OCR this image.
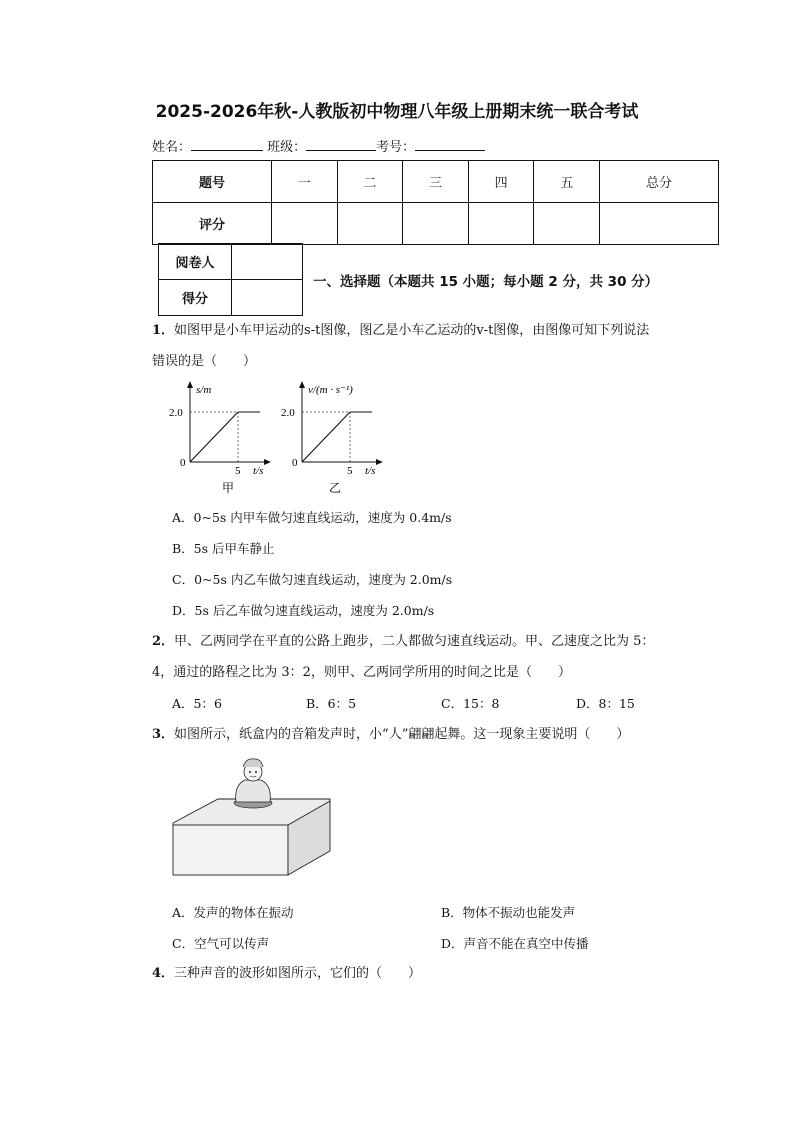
2025-2026年秋-人教版初中物理八年级上册期末统一联合考试
姓名：	班级：	考号：
题号	一	二	三	四	五	总分
评分						
阅卷人	
得分	
一、选择题（本题共 15 小题；每小题 2 分，共 30 分）
1．如图甲是小车甲运动的s-t图像，图乙是小车乙运动的v-t图像，由图像可知下列说法
错误的是（　　）
s/m
2.0
0
5 t/s
甲
v/(m · s⁻¹)
2.0
0
5 t/s
乙
A．0~5s 内甲车做匀速直线运动，速度为 0.4m/s
B．5s 后甲车静止
C．0~5s 内乙车做匀速直线运动，速度为 2.0m/s
D．5s 后乙车做匀速直线运动，速度为 2.0m/s
2．甲、乙两同学在平直的公路上跑步，二人都做匀速直线运动。甲、乙速度之比为 5：
4，通过的路程之比为 3：2，则甲、乙两同学所用的时间之比是（　　）
A．5：6	B．6：5	C．15：8	D．8：15
3．如图所示，纸盒内的音箱发声时，小“人”翩翩起舞。这一现象主要说明（　　）
A．发声的物体在振动	B．物体不振动也能发声
C．空气可以传声	D．声音不能在真空中传播
4．三种声音的波形如图所示，它们的（　　）
